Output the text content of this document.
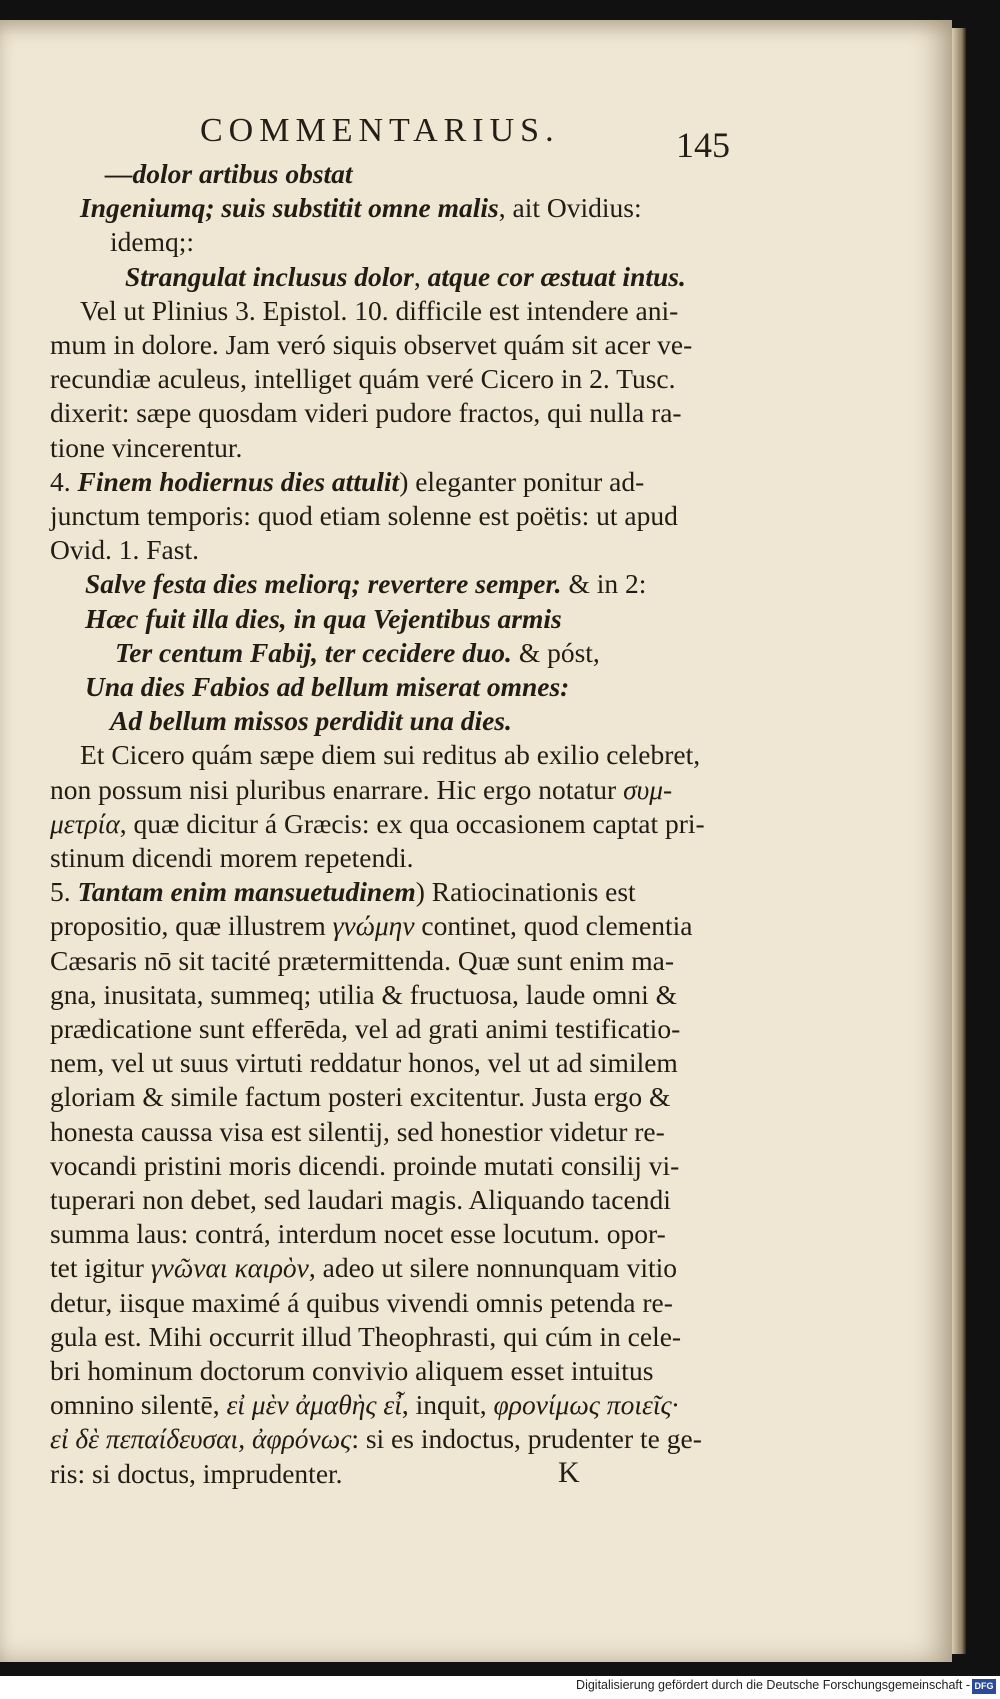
COMMENTARIUS.	145
K
—dolor artibus obstat
Ingeniumq; suis substitit omne malis, ait Ovidius:
idemq;:
Strangulat inclusus dolor, atque cor æstuat intus.
Vel ut Plinius 3. Epistol. 10. difficile est intendere ani-
mum in dolore. Jam veró siquis observet quám sit acer ve-
recundiæ aculeus, intelliget quám veré Cicero in 2. Tusc.
dixerit: sæpe quosdam videri pudore fractos, qui nulla ra-
tione vincerentur.
4. Finem hodiernus dies attulit) eleganter ponitur ad-
junctum temporis: quod etiam solenne est poëtis: ut apud
Ovid. 1. Fast.
Salve festa dies meliorq; revertere semper. & in 2:
Hæc fuit illa dies, in qua Vejentibus armis
Ter centum Fabij, ter cecidere duo. & póst,
Una dies Fabios ad bellum miserat omnes:
Ad bellum missos perdidit una dies.
Et Cicero quám sæpe diem sui reditus ab exilio celebret,
non possum nisi pluribus enarrare. Hic ergo notatur συμ-
μετρία, quæ dicitur á Græcis: ex qua occasionem captat pri-
stinum dicendi morem repetendi.
5. Tantam enim mansuetudinem) Ratiocinationis est
propositio, quæ illustrem γνώμην continet, quod clementia
Cæsaris nō sit tacité prætermittenda. Quæ sunt enim ma-
gna, inusitata, summeq; utilia & fructuosa, laude omni &
prædicatione sunt efferēda, vel ad grati animi testificatio-
nem, vel ut suus virtuti reddatur honos, vel ut ad similem
gloriam & simile factum posteri excitentur. Justa ergo &
honesta caussa visa est silentij, sed honestior videtur re-
vocandi pristini moris dicendi. proinde mutati consilij vi-
tuperari non debet, sed laudari magis. Aliquando tacendi
summa laus: contrá, interdum nocet esse locutum. opor-
tet igitur γνῶναι καιρὸν, adeo ut silere nonnunquam vitio
detur, iisque maximé á quibus vivendi omnis petenda re-
gula est. Mihi occurrit illud Theophrasti, qui cúm in cele-
bri hominum doctorum convivio aliquem esset intuitus
omnino silentē, εἰ μὲν ἀμαθὴς εἶ, inquit, φρονίμως ποιεῖς·
εἰ δὲ πεπαίδευσαι, ἀφρόνως: si es indoctus, prudenter te ge-
ris: si doctus, imprudenter.
Digitalisierung gefördert durch die Deutsche Forschungsgemeinschaft - DFG
